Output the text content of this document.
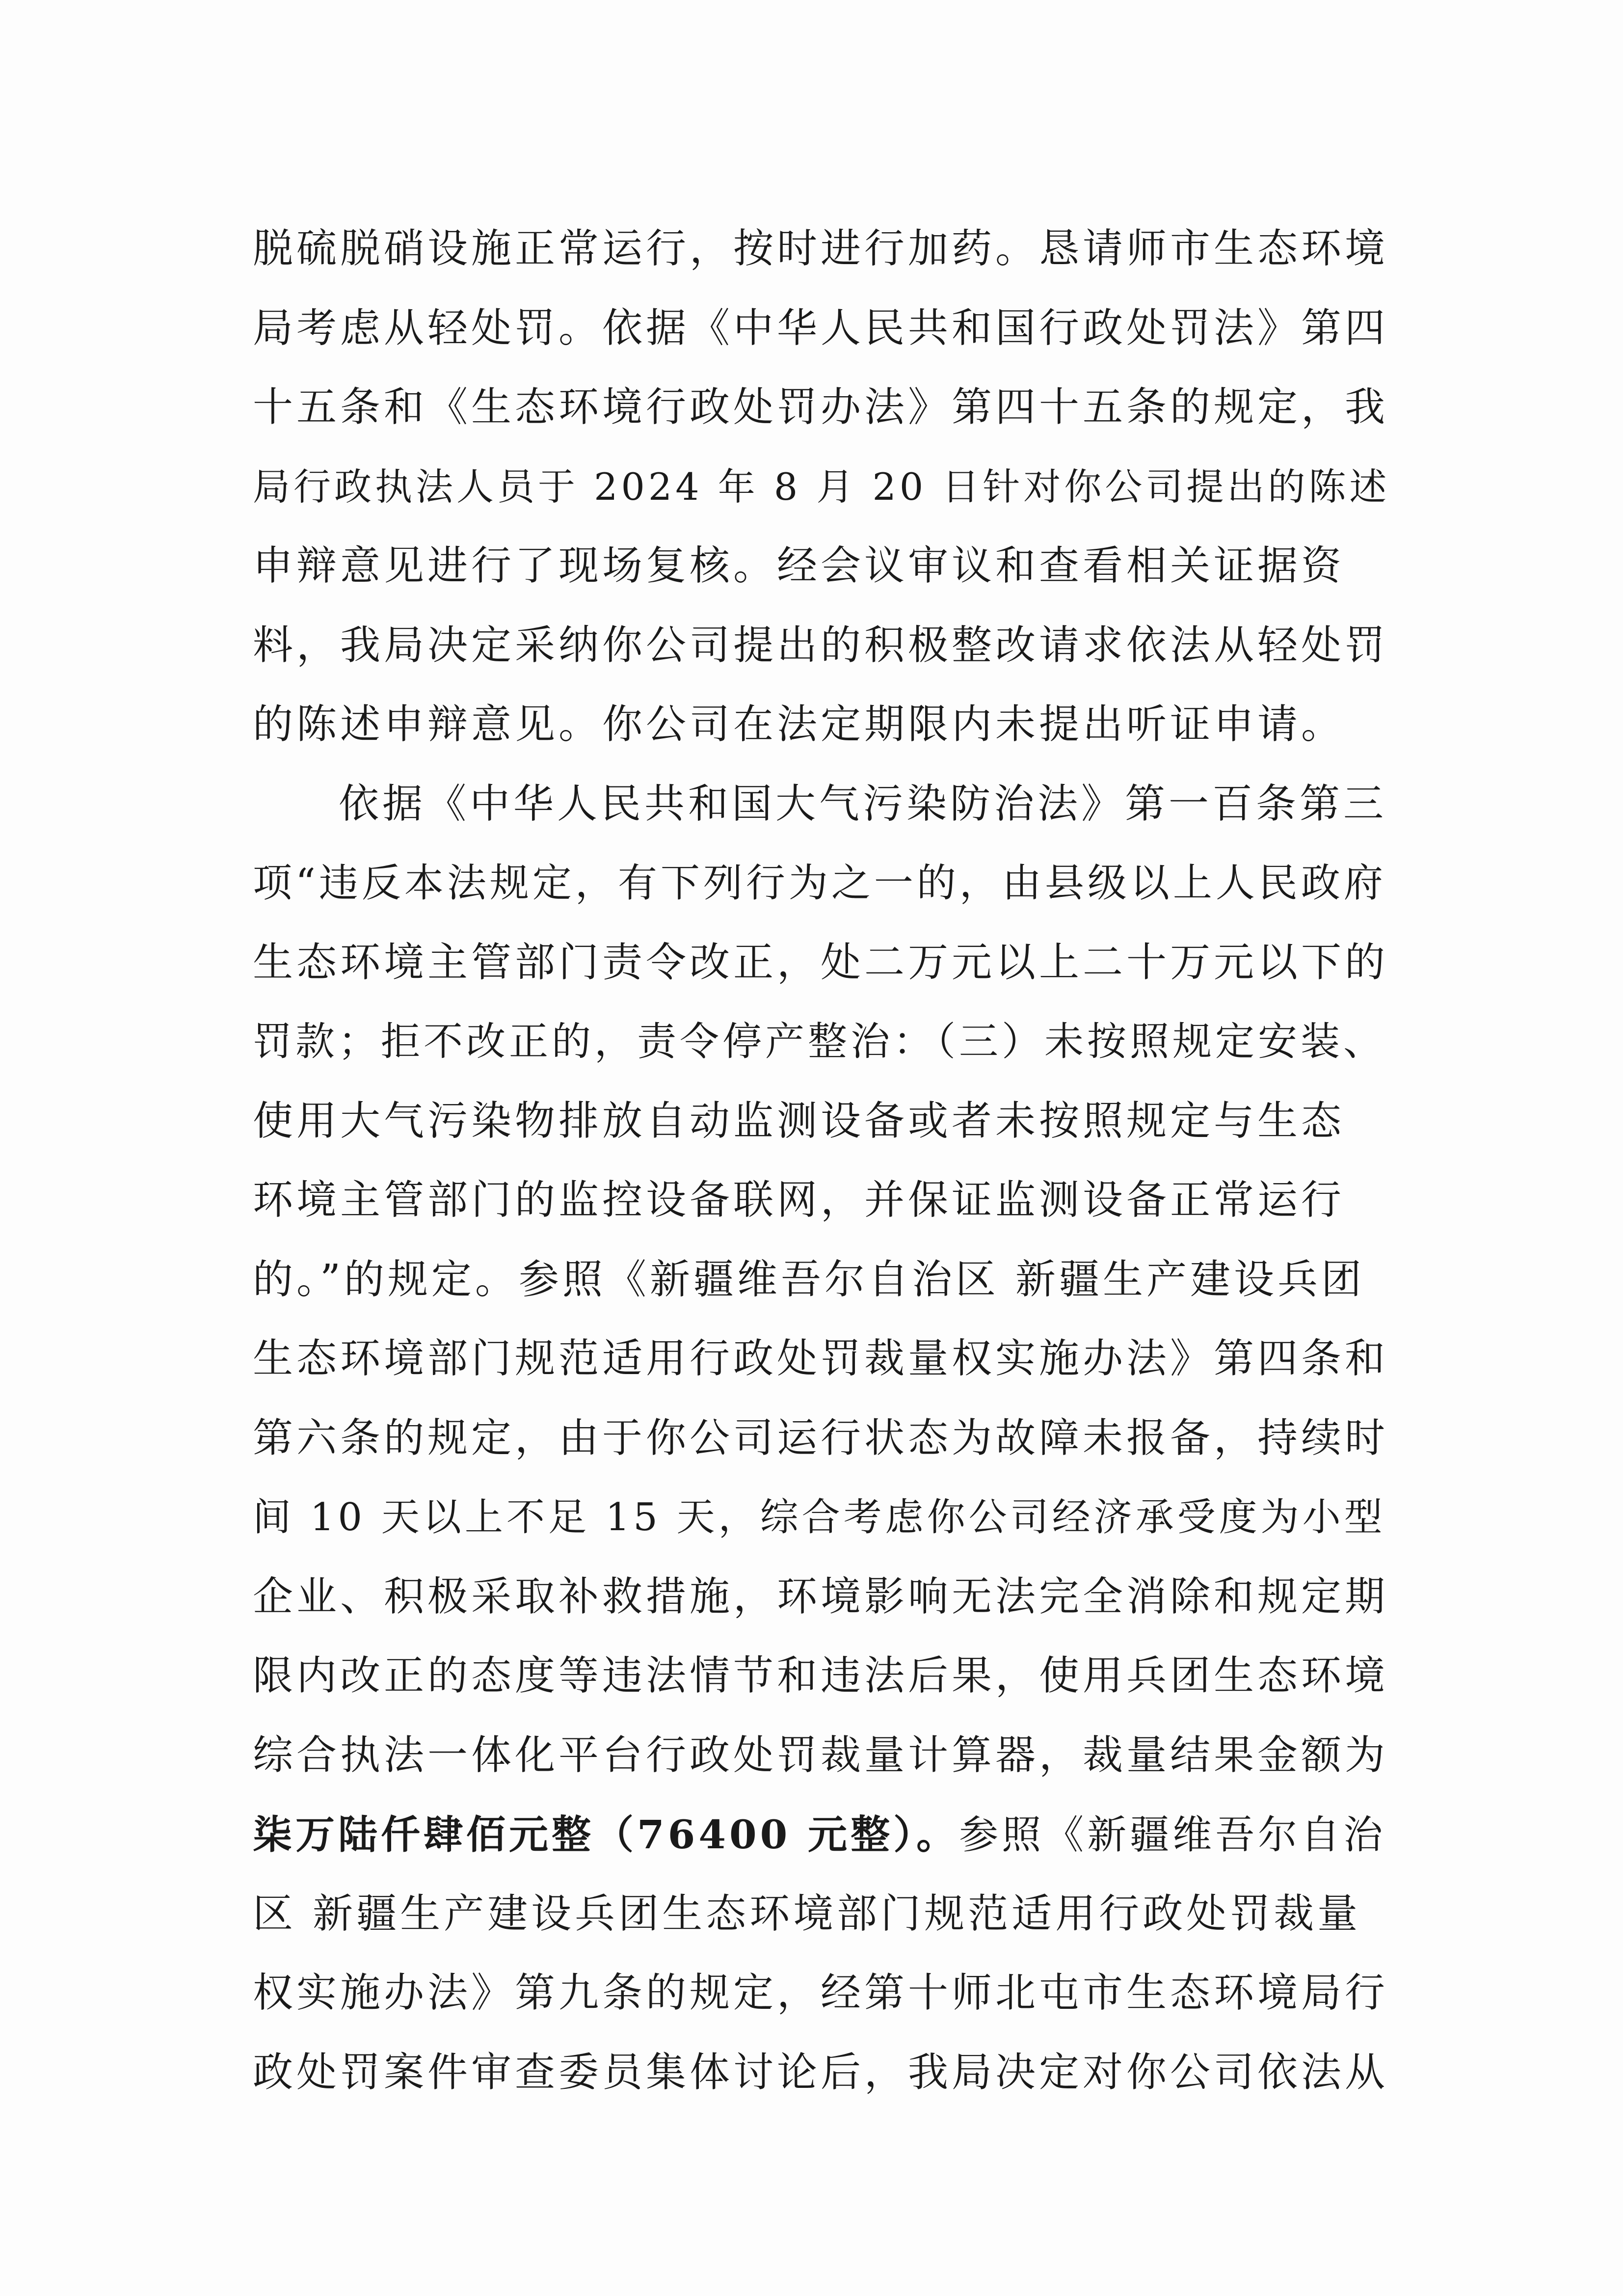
脱硫脱硝设施正常运行，按时进行加药。恳请师市生态环境
局考虑从轻处罚。依据《中华人民共和国行政处罚法》第四
十五条和《生态环境行政处罚办法》第四十五条的规定，我
局行政执法人员于 2024 年 8 月 20 日针对你公司提出的陈述
申辩意见进行了现场复核。经会议审议和查看相关证据资
料，我局决定采纳你公司提出的积极整改请求依法从轻处罚
的陈述申辩意见。你公司在法定期限内未提出听证申请。
依据《中华人民共和国大气污染防治法》第一百条第三
项“违反本法规定，有下列行为之一的，由县级以上人民政府
生态环境主管部门责令改正，处二万元以上二十万元以下的
罚款；拒不改正的，责令停产整治：（三）未按照规定安装、
使用大气污染物排放自动监测设备或者未按照规定与生态
环境主管部门的监控设备联网，并保证监测设备正常运行
的。”的规定。参照《新疆维吾尔自治区 新疆生产建设兵团
生态环境部门规范适用行政处罚裁量权实施办法》第四条和
第六条的规定，由于你公司运行状态为故障未报备，持续时
间 10 天以上不足 15 天，综合考虑你公司经济承受度为小型
企业、积极采取补救措施，环境影响无法完全消除和规定期
限内改正的态度等违法情节和违法后果，使用兵团生态环境
综合执法一体化平台行政处罚裁量计算器，裁量结果金额为
柒万陆仟肆佰元整（76400 元整）。参照《新疆维吾尔自治
区 新疆生产建设兵团生态环境部门规范适用行政处罚裁量
权实施办法》第九条的规定，经第十师北屯市生态环境局行
政处罚案件审查委员集体讨论后，我局决定对你公司依法从
